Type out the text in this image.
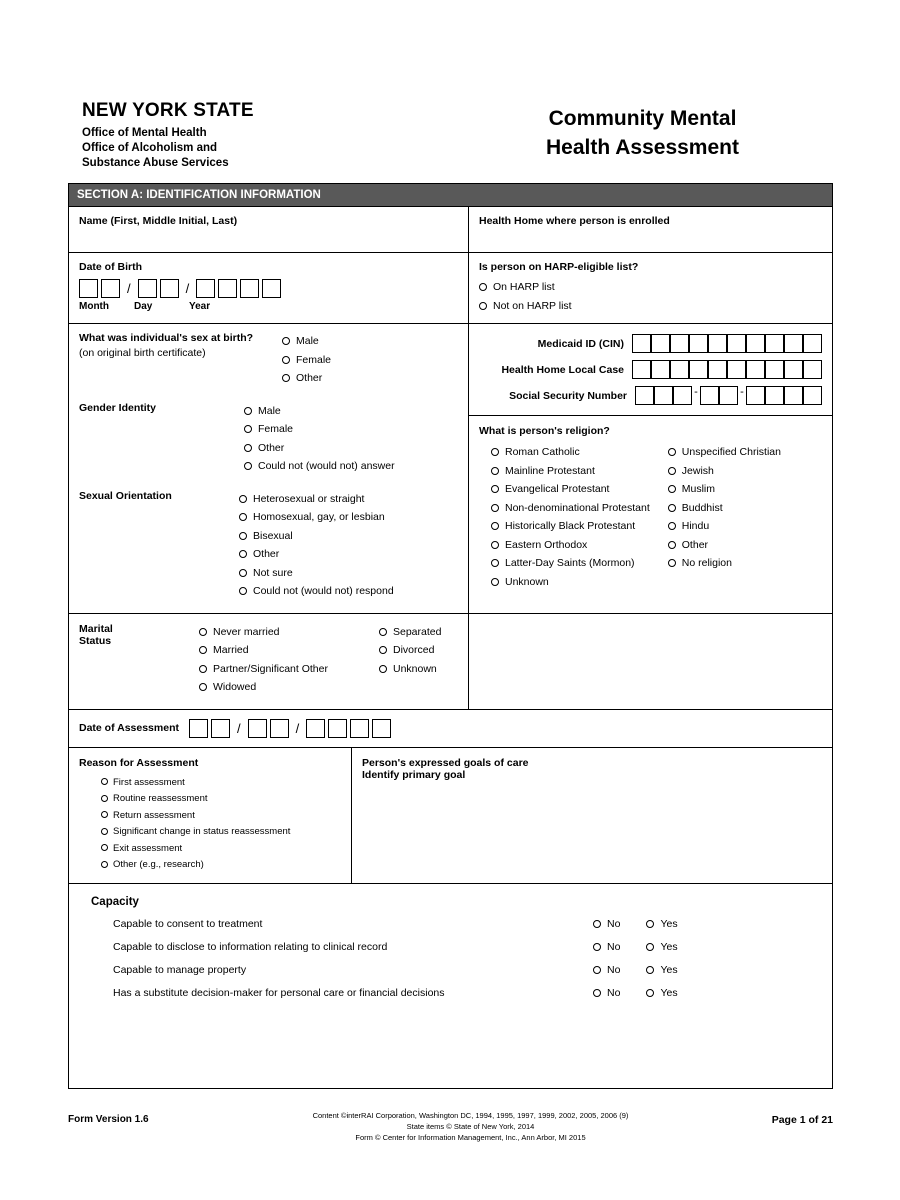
NEW YORK STATE
Office of Mental Health
Office of Alcoholism and
Substance Abuse Services
Community Mental
Health Assessment
SECTION A: IDENTIFICATION INFORMATION
Name (First, Middle Initial, Last)	Health Home where person is enrolled
Date of Birth
/	/
Month	Day	Year
Is person on HARP-eligible list?
On HARP list
Not on HARP list
What was individual's sex at birth?
(on original birth certificate)
Male
Female
Other
Gender Identity	Male
Female
Other
Could not (would not) answer
Sexual Orientation	Heterosexual or straight
Homosexual, gay, or lesbian
Bisexual
Other
Not sure
Could not (would not) respond
Medicaid ID (CIN)
Health Home Local Case
Social Security Number	-	-
What is person's religion?
Roman Catholic
Mainline Protestant
Evangelical Protestant
Non-denominational Protestant
Historically Black Protestant
Eastern Orthodox
Latter-Day Saints (Mormon)
Unknown
Unspecified Christian
Jewish
Muslim
Buddhist
Hindu
Other
No religion
Marital
Status
Never married
Married
Partner/Significant Other
Widowed
Separated
Divorced
Unknown
Date of Assessment	/	/
Reason for Assessment
First assessment
Routine reassessment
Return assessment
Significant change in status reassessment
Exit assessment
Other (e.g., research)
Person's expressed goals of care
Identify primary goal
Capacity
Capable to consent to treatment	No	Yes
Capable to disclose to information relating to clinical record	No	Yes
Capable to manage property	No	Yes
Has a substitute decision-maker for personal care or financial decisions	No	Yes
Form Version 1.6	Content ©interRAI Corporation, Washington DC, 1994, 1995, 1997, 1999, 2002, 2005, 2006 (9)
State items © State of New York, 2014
Form © Center for Information Management, Inc., Ann Arbor, MI 2015
Page 1 of 21
